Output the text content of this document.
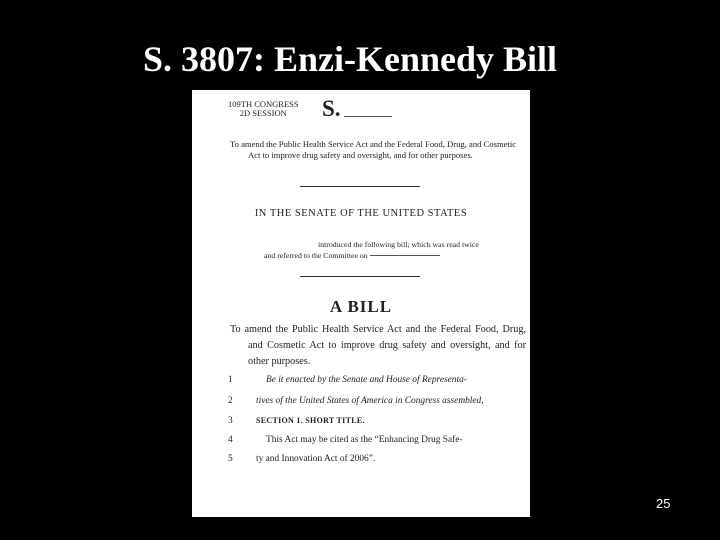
S. 3807: Enzi-Kennedy Bill
109TH CONGRESS
2D SESSION	S.
To amend the Public Health Service Act and the Federal Food, Drug, and Cosmetic Act to improve drug safety and oversight, and for other purposes.
IN THE SENATE OF THE UNITED STATES
introduced the following bill; which was read twice
and referred to the Committee on
A BILL
To amend the Public Health Service Act and the Federal Food, Drug, and Cosmetic Act to improve drug safety and oversight, and for other purposes.
1	Be it enacted by the Senate and House of Representa-
2	tives of the United States of America in Congress assembled,
3	SECTION 1. SHORT TITLE.
4	This Act may be cited as the “Enhancing Drug Safe-
5	ty and Innovation Act of 2006”.
25
